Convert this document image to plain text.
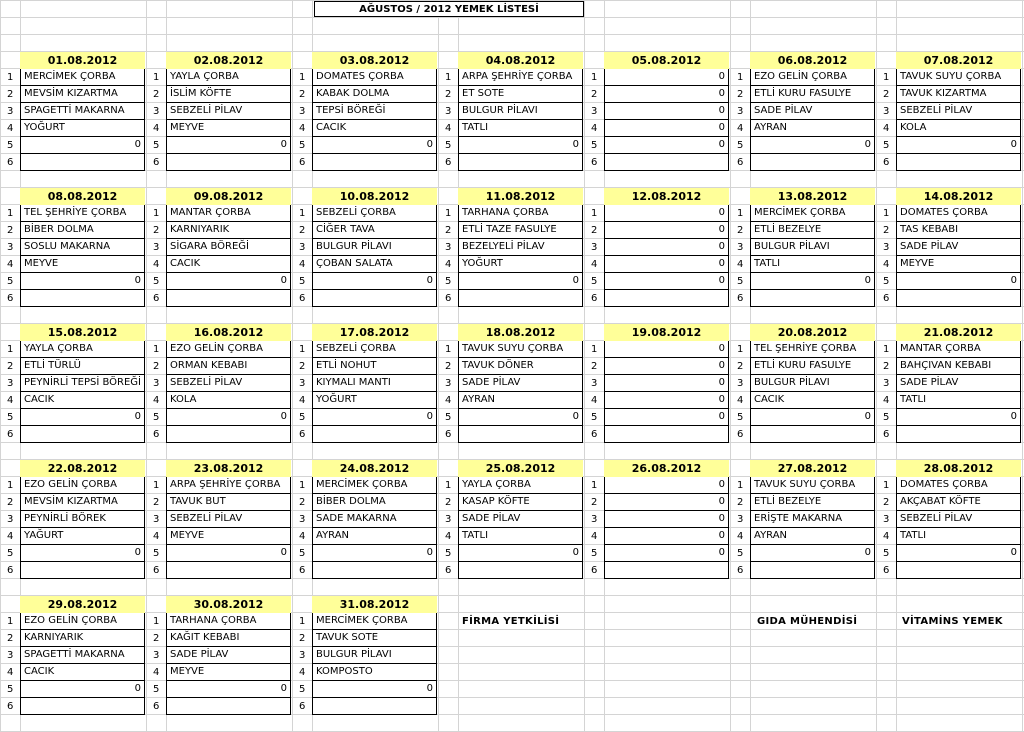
AĞUSTOS / 2012 YEMEK LİSTESİ
01.08.2012
1	MERCİMEK ÇORBA
2	MEVSİM KIZARTMA
3	SPAGETTİ MAKARNA
4	YOĞURT
5	0
6
02.08.2012
1	YAYLA ÇORBA
2	İSLİM KÖFTE
3	SEBZELİ PİLAV
4	MEYVE
5	0
6
03.08.2012
1	DOMATES ÇORBA
2	KABAK DOLMA
3	TEPSİ BÖREĞİ
4	CACIK
5	0
6
04.08.2012
1	ARPA ŞEHRİYE ÇORBA
2	ET SOTE
3	BULGUR PİLAVI
4	TATLI
5	0
6
05.08.2012
1	0
2	0
3	0
4	0
5	0
6
06.08.2012
1	EZO GELİN ÇORBA
2	ETLİ KURU FASULYE
3	SADE PİLAV
4	AYRAN
5	0
6
07.08.2012
1	TAVUK SUYU ÇORBA
2	TAVUK KIZARTMA
3	SEBZELİ PİLAV
4	KOLA
5	0
6
08.08.2012
1	TEL ŞEHRİYE ÇORBA
2	BİBER DOLMA
3	SOSLU MAKARNA
4	MEYVE
5	0
6
09.08.2012
1	MANTAR ÇORBA
2	KARNIYARIK
3	SİGARA BÖREĞİ
4	CACIK
5	0
6
10.08.2012
1	SEBZELİ ÇORBA
2	CİĞER TAVA
3	BULGUR PİLAVI
4	ÇOBAN SALATA
5	0
6
11.08.2012
1	TARHANA ÇORBA
2	ETLİ TAZE FASULYE
3	BEZELYELİ PİLAV
4	YOĞURT
5	0
6
12.08.2012
1	0
2	0
3	0
4	0
5	0
6
13.08.2012
1	MERCİMEK ÇORBA
2	ETLİ BEZELYE
3	BULGUR PİLAVI
4	TATLI
5	0
6
14.08.2012
1	DOMATES ÇORBA
2	TAS KEBABI
3	SADE PİLAV
4	MEYVE
5	0
6
15.08.2012
1	YAYLA ÇORBA
2	ETLİ TÜRLÜ
3	PEYNİRLİ TEPSİ BÖREĞİ
4	CACIK
5	0
6
16.08.2012
1	EZO GELİN ÇORBA
2	ORMAN KEBABI
3	SEBZELİ PİLAV
4	KOLA
5	0
6
17.08.2012
1	SEBZELİ ÇORBA
2	ETLİ NOHUT
3	KIYMALI MANTI
4	YOĞURT
5	0
6
18.08.2012
1	TAVUK SUYU ÇORBA
2	TAVUK DÖNER
3	SADE PİLAV
4	AYRAN
5	0
6
19.08.2012
1	0
2	0
3	0
4	0
5	0
6
20.08.2012
1	TEL ŞEHRİYE ÇORBA
2	ETLİ KURU FASULYE
3	BULGUR PİLAVI
4	CACIK
5	0
6
21.08.2012
1	MANTAR ÇORBA
2	BAHÇIVAN KEBABI
3	SADE PİLAV
4	TATLI
5	0
6
22.08.2012
1	EZO GELİN ÇORBA
2	MEVSİM KIZARTMA
3	PEYNİRLİ BÖREK
4	YAĞURT
5	0
6
23.08.2012
1	ARPA ŞEHRİYE ÇORBA
2	TAVUK BUT
3	SEBZELİ PİLAV
4	MEYVE
5	0
6
24.08.2012
1	MERCİMEK ÇORBA
2	BİBER DOLMA
3	SADE MAKARNA
4	AYRAN
5	0
6
25.08.2012
1	YAYLA ÇORBA
2	KASAP KÖFTE
3	SADE PİLAV
4	TATLI
5	0
6
26.08.2012
1	0
2	0
3	0
4	0
5	0
6
27.08.2012
1	TAVUK SUYU ÇORBA
2	ETLİ BEZELYE
3	ERİŞTE MAKARNA
4	AYRAN
5	0
6
28.08.2012
1	DOMATES ÇORBA
2	AKÇABAT KÖFTE
3	SEBZELİ PİLAV
4	TATLI
5	0
6
29.08.2012
1	EZO GELİN ÇORBA
2	KARNIYARIK
3	SPAGETTİ MAKARNA
4	CACIK
5	0
6
30.08.2012
1	TARHANA ÇORBA
2	KAĞIT KEBABI
3	SADE PİLAV
4	MEYVE
5	0
6
31.08.2012
1	MERCİMEK ÇORBA
2	TAVUK SOTE
3	BULGUR PİLAVI
4	KOMPOSTO
5	0
6
FİRMA YETKİLİSİ	GIDA MÜHENDİSİ	VİTAMİNS YEMEK
